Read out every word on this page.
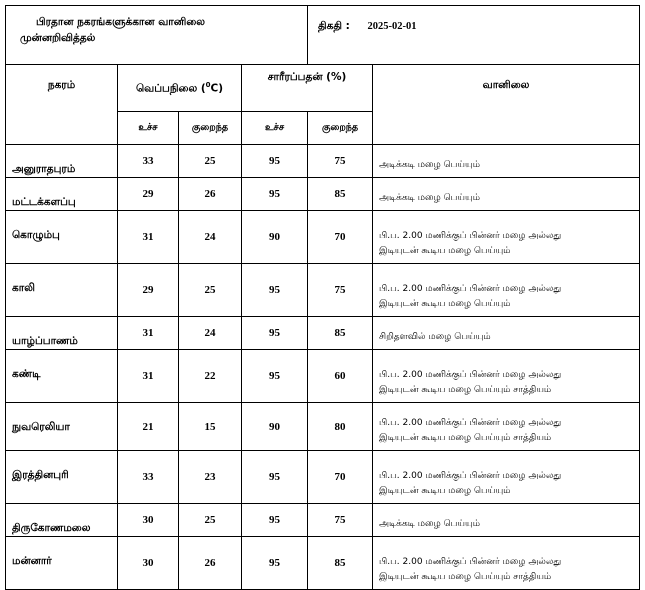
பிரதான நகரங்களுக்கான வானிலை
முன்னறிவித்தல்				திகதி : 2025-02-01	
நகரம்	வெப்பநிலை ($^0$C)		சாரீரப்பதன் (%)		வானிலை
	உச்ச	குறைந்த	உச்ச	குறைந்த	
அனுராதபுரம்	33	25	95	75	அடிக்கடி மழை பெய்யும்

மட்டக்களப்பு	29	26	95	85	அடிக்கடி மழை பெய்யும்

கொழும்பு	31	24	90	70	பி.ப. 2.00 மணிக்குப் பின்னர் மழை அல்லது
இடியுடன் கூடிய மழை பெய்யும்

காலி	29	25	95	75	பி.ப. 2.00 மணிக்குப் பின்னர் மழை அல்லது
இடியுடன் கூடிய மழை பெய்யும்

யாழ்ப்பாணம்	31	24	95	85	சிறிதளவில் மழை பெய்யும்

கண்டி	31	22	95	60	பி.ப. 2.00 மணிக்குப் பின்னர் மழை அல்லது
இடியுடன் கூடிய மழை பெய்யும் சாத்தியம்

நுவரெலியா	21	15	90	80	பி.ப. 2.00 மணிக்குப் பின்னர் மழை அல்லது
இடியுடன் கூடிய மழை பெய்யும் சாத்தியம்

இரத்தினபுரி	33	23	95	70	பி.ப. 2.00 மணிக்குப் பின்னர் மழை அல்லது
இடியுடன் கூடிய மழை பெய்யும்

திருகோணமலை	30	25	95	75	அடிக்கடி மழை பெய்யும்

மன்னார்	30	26	95	85	பி.ப. 2.00 மணிக்குப் பின்னர் மழை அல்லது
இடியுடன் கூடிய மழை பெய்யும் சாத்தியம்
